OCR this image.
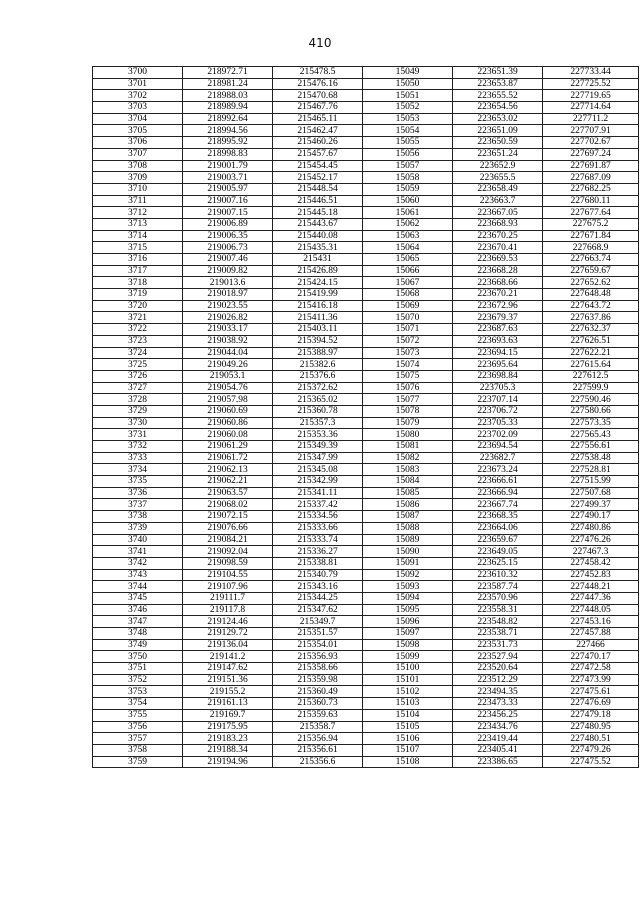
410
3700	218972.71	215478.5	15049	223651.39	227733.44
3701	218981.24	215476.16	15050	223653.87	227725.52
3702	218988.03	215470.68	15051	223655.52	227719.65
3703	218989.94	215467.76	15052	223654.56	227714.64
3704	218992.64	215465.11	15053	223653.02	227711.2
3705	218994.56	215462.47	15054	223651.09	227707.91
3706	218995.92	215460.26	15055	223650.59	227702.67
3707	218998.83	215457.67	15056	223651.24	227697.24
3708	219001.79	215454.45	15057	223652.9	227691.87
3709	219003.71	215452.17	15058	223655.5	227687.09
3710	219005.97	215448.54	15059	223658.49	227682.25
3711	219007.16	215446.51	15060	223663.7	227680.11
3712	219007.15	215445.18	15061	223667.05	227677.64
3713	219006.89	215443.67	15062	223668.93	227675.2
3714	219006.35	215440.08	15063	223670.25	227671.84
3715	219006.73	215435.31	15064	223670.41	227668.9
3716	219007.46	215431	15065	223669.53	227663.74
3717	219009.82	215426.89	15066	223668.28	227659.67
3718	219013.6	215424.15	15067	223668.66	227652.62
3719	219018.97	215419.99	15068	223670.21	227648.48
3720	219023.55	215416.18	15069	223672.96	227643.72
3721	219026.82	215411.36	15070	223679.37	227637.86
3722	219033.17	215403.11	15071	223687.63	227632.37
3723	219038.92	215394.52	15072	223693.63	227626.51
3724	219044.04	215388.97	15073	223694.15	227622.21
3725	219049.26	215382.6	15074	223695.64	227615.64
3726	219053.1	215376.6	15075	223698.84	227612.5
3727	219054.76	215372.62	15076	223705.3	227599.9
3728	219057.98	215365.02	15077	223707.14	227590.46
3729	219060.69	215360.78	15078	223706.72	227580.66
3730	219060.86	215357.3	15079	223705.33	227573.35
3731	219060.08	215353.36	15080	223702.09	227565.43
3732	219061.29	215349.39	15081	223694.54	227556.61
3733	219061.72	215347.99	15082	223682.7	227538.48
3734	219062.13	215345.08	15083	223673.24	227528.81
3735	219062.21	215342.99	15084	223666.61	227515.99
3736	219063.57	215341.11	15085	223666.94	227507.68
3737	219068.02	215337.42	15086	223667.74	227499.37
3738	219072.15	215334.56	15087	223668.35	227490.17
3739	219076.66	215333.66	15088	223664.06	227480.86
3740	219084.21	215333.74	15089	223659.67	227476.26
3741	219092.04	215336.27	15090	223649.05	227467.3
3742	219098.59	215338.81	15091	223625.15	227458.42
3743	219104.55	215340.79	15092	223610.32	227452.83
3744	219107.96	215343.16	15093	223587.74	227448.21
3745	219111.7	215344.25	15094	223570.96	227447.36
3746	219117.8	215347.62	15095	223558.31	227448.05
3747	219124.46	215349.7	15096	223548.82	227453.16
3748	219129.72	215351.57	15097	223538.71	227457.88
3749	219136.04	215354.01	15098	223531.73	227466
3750	219141.2	215356.93	15099	223527.94	227470.17
3751	219147.62	215358.66	15100	223520.64	227472.58
3752	219151.36	215359.98	15101	223512.29	227473.99
3753	219155.2	215360.49	15102	223494.35	227475.61
3754	219161.13	215360.73	15103	223473.33	227476.69
3755	219169.7	215359.63	15104	223456.25	227479.18
3756	219175.95	215358.7	15105	223434.76	227480.95
3757	219183.23	215356.94	15106	223419.44	227480.51
3758	219188.34	215356.61	15107	223405.41	227479.26
3759	219194.96	215356.6	15108	223386.65	227475.52
